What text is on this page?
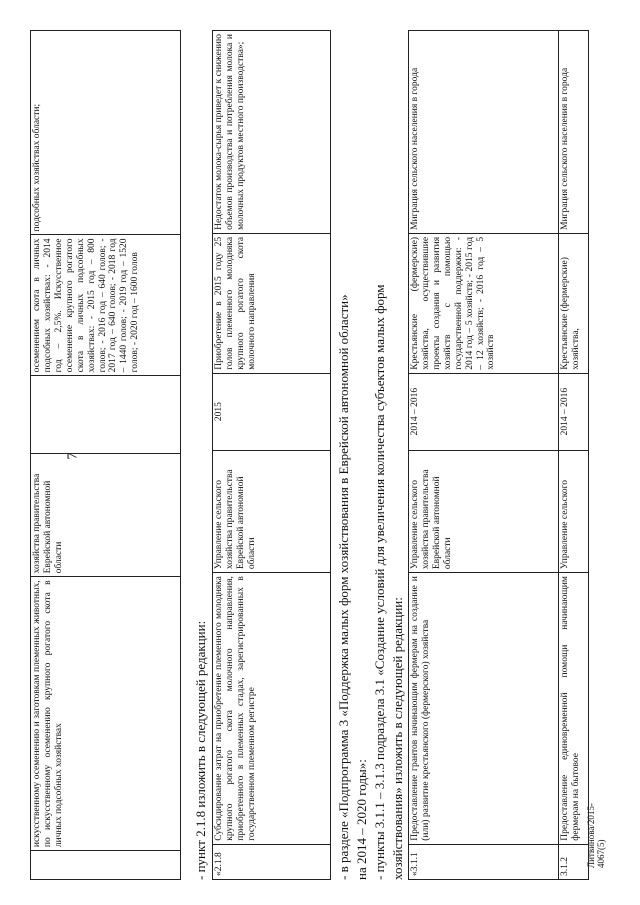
7
Литвинова/2015-4067(5)
	искусственному осеменению и заготовкам племенных животных, по искусственному осеменению крупного рогатого скота в личных подсобных хозяйствах	хозяйства правительства Еврейской автономной области		осеменением скота в личных подсобных хозяйствах: - 2014 год – 2,5%. Искусственное осеменение крупного рогатого скота в личных подсобных хозяйствах: - 2015 год – 800 голов; - 2016 год – 640 голов; - 2017 год – 640 голов; - 2018 год – 1440 голов; - 2019 год – 1520 голов; - 2020 год – 1600 голов	подсобных хозяйствах области;
- пункт 2.1.8 изложить в следующей редакции: «2.1.8	Субсидирование затрат на приобретение племенного молодняка крупного рогатого скота молочного направления, приобретенного в племенных стадах, зарегистрированных в государственном племенном регистре	Управление сельского хозяйства правительства Еврейской автономной области	2015	Приобретение в 2015 году 25 голов племенного молодняка крупного рогатого скота молочного направления	Недостаток молока-сырья приведет к снижению объемов производства и потребления молока и молочных продуктов местного производства»;
- в разделе «Подпрограмма 3 «Поддержка малых форм хозяйствования в Еврейской автономной области» на 2014 – 2020 годы»: - пункты 3.1.1 – 3.1.3 подраздела 3.1 «Создание условий для увеличения количества субъектов малых форм хозяйствования» изложить в следующей редакции: «3.1.1	Предоставление грантов начинающим фермерам на создание и (или) развитие крестьянского (фермерского) хозяйства	Управление сельского хозяйства правительства Еврейской автономной области	2014 – 2016	Крестьянские (фермерские) хозяйства, осуществившие проекты создания и развития хозяйств с помощью государственной поддержки: - 2014 год – 5 хозяйств; - 2015 год – 12 хозяйств; - 2016 год – 5 хозяйств	Миграция сельского населения в города
3.1.2	Предоставление единовременной помощи начинающим фермерам на бытовое	Управление сельского	2014 – 2016	Крестьянские (фермерские) хозяйства,	Миграция сельского населения в города
